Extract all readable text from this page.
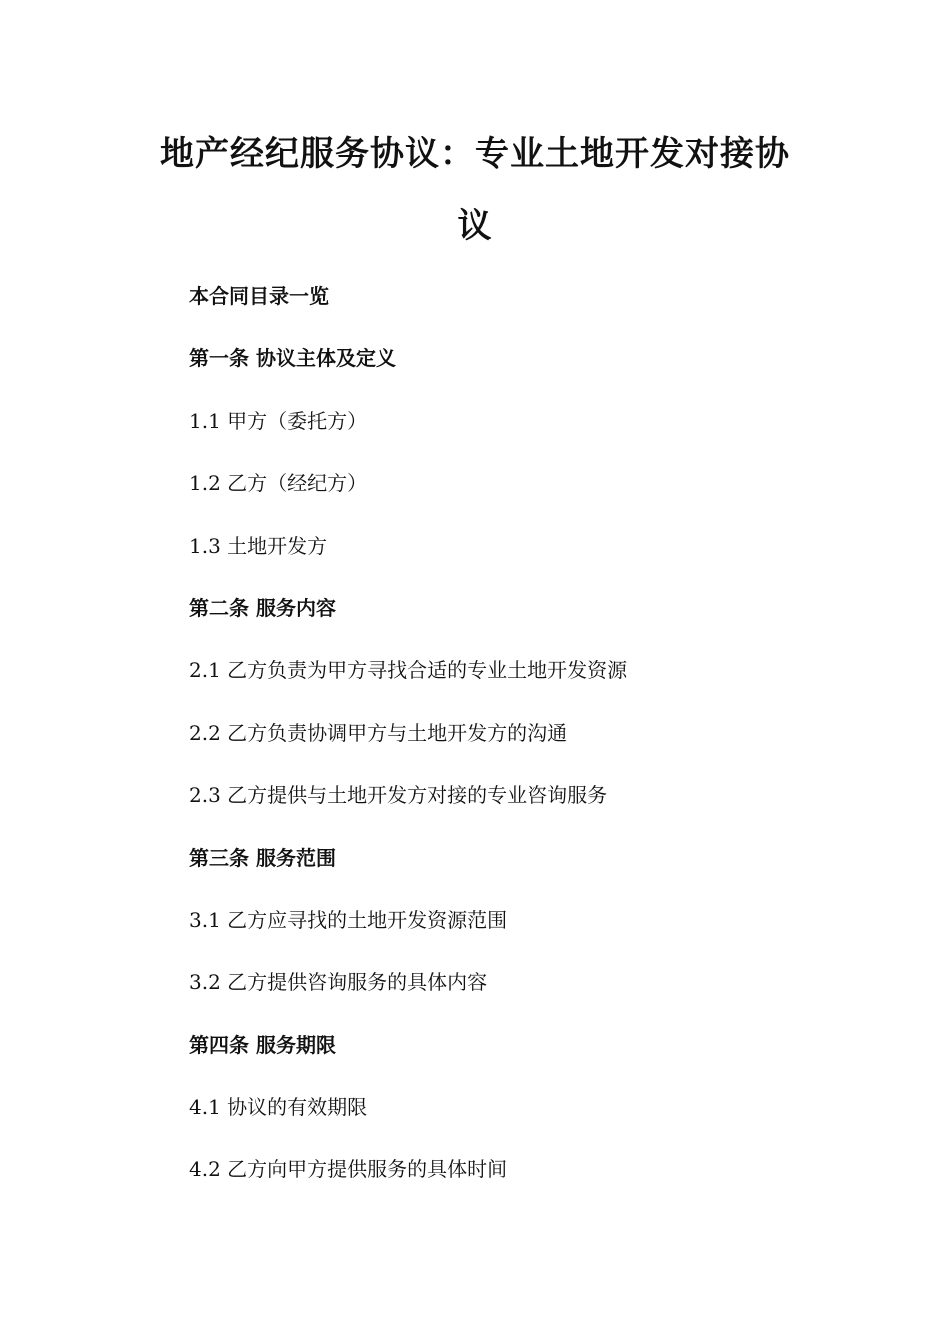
地产经纪服务协议：专业土地开发对接协议
本合同目录一览
第一条 协议主体及定义
1.1 甲方（委托方）
1.2 乙方（经纪方）
1.3 土地开发方
第二条 服务内容
2.1 乙方负责为甲方寻找合适的专业土地开发资源
2.2 乙方负责协调甲方与土地开发方的沟通
2.3 乙方提供与土地开发方对接的专业咨询服务
第三条 服务范围
3.1 乙方应寻找的土地开发资源范围
3.2 乙方提供咨询服务的具体内容
第四条 服务期限
4.1 协议的有效期限
4.2 乙方向甲方提供服务的具体时间
